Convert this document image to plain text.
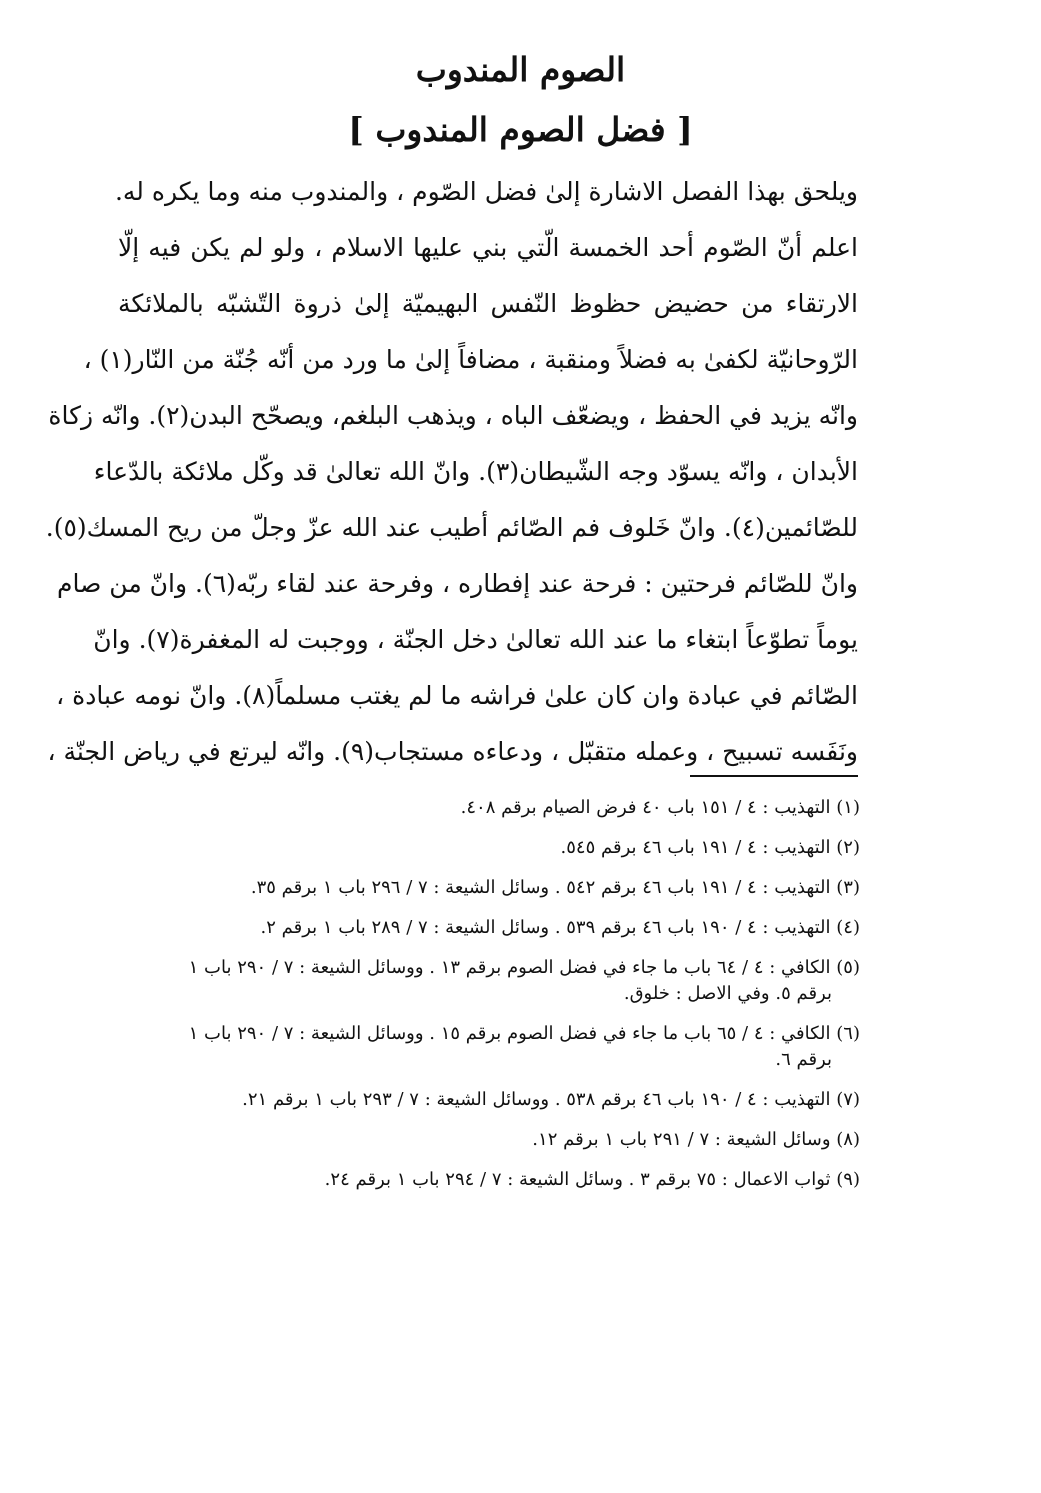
الصوم المندوب
[ فضل الصوم المندوب ]
ويلحق بهذا الفصل الاشارة إلىٰ فضل الصّوم ، والمندوب منه وما يكره له.
اعلم أنّ الصّوم أحد الخمسة الّتي بني عليها الاسلام ، ولو لم يكن فيه إلّا
الارتقاء من حضيض حظوظ النّفس البهيميّة إلىٰ ذروة التّشبّه بالملائكة
الرّوحانيّة لكفىٰ به فضلاً ومنقبة ، مضافاً إلىٰ ما ورد من أنّه جُنّة من النّار(١) ،
وانّه يزيد في الحفظ ، ويضعّف الباه ، ويذهب البلغم، ويصحّح البدن(٢). وانّه زكاة
الأبدان ، وانّه يسوّد وجه الشّيطان(٣). وانّ الله تعالىٰ قد وكّل ملائكة بالدّعاء
للصّائمين(٤). وانّ خَلوف فم الصّائم أطيب عند الله عزّ وجلّ من ريح المسك(٥).
وانّ للصّائم فرحتين : فرحة عند إفطاره ، وفرحة عند لقاء ربّه(٦). وانّ من صام
يوماً تطوّعاً ابتغاء ما عند الله تعالىٰ دخل الجنّة ، ووجبت له المغفرة(٧). وانّ
الصّائم في عبادة وان كان علىٰ فراشه ما لم يغتب مسلماً(٨). وانّ نومه عبادة ،
ونَفَسه تسبيح ، وعمله متقبّل ، ودعاءه مستجاب(٩). وانّه ليرتع في رياض الجنّة ،
(١) التهذيب : ٤ / ١٥١ باب ٤٠ فرض الصيام برقم ٤٠٨.
(٢) التهذيب : ٤ / ١٩١ باب ٤٦ برقم ٥٤٥.
(٣) التهذيب : ٤ / ١٩١ باب ٤٦ برقم ٥٤٢ . وسائل الشيعة : ٧ / ٢٩٦ باب ١ برقم ٣٥.
(٤) التهذيب : ٤ / ١٩٠ باب ٤٦ برقم ٥٣٩ . وسائل الشيعة : ٧ / ٢٨٩ باب ١ برقم ٢.
(٥) الكافي : ٤ / ٦٤ باب ما جاء في فضل الصوم برقم ١٣ . ووسائل الشيعة : ٧ / ٢٩٠ باب ١
برقم ٥. وفي الاصل : خلوق.
(٦) الكافي : ٤ / ٦٥ باب ما جاء في فضل الصوم برقم ١٥ . ووسائل الشيعة : ٧ / ٢٩٠ باب ١
برقم ٦.
(٧) التهذيب : ٤ / ١٩٠ باب ٤٦ برقم ٥٣٨ . ووسائل الشيعة : ٧ / ٢٩٣ باب ١ برقم ٢١.
(٨) وسائل الشيعة : ٧ / ٢٩١ باب ١ برقم ١٢.
(٩) ثواب الاعمال : ٧٥ برقم ٣ . وسائل الشيعة : ٧ / ٢٩٤ باب ١ برقم ٢٤.
